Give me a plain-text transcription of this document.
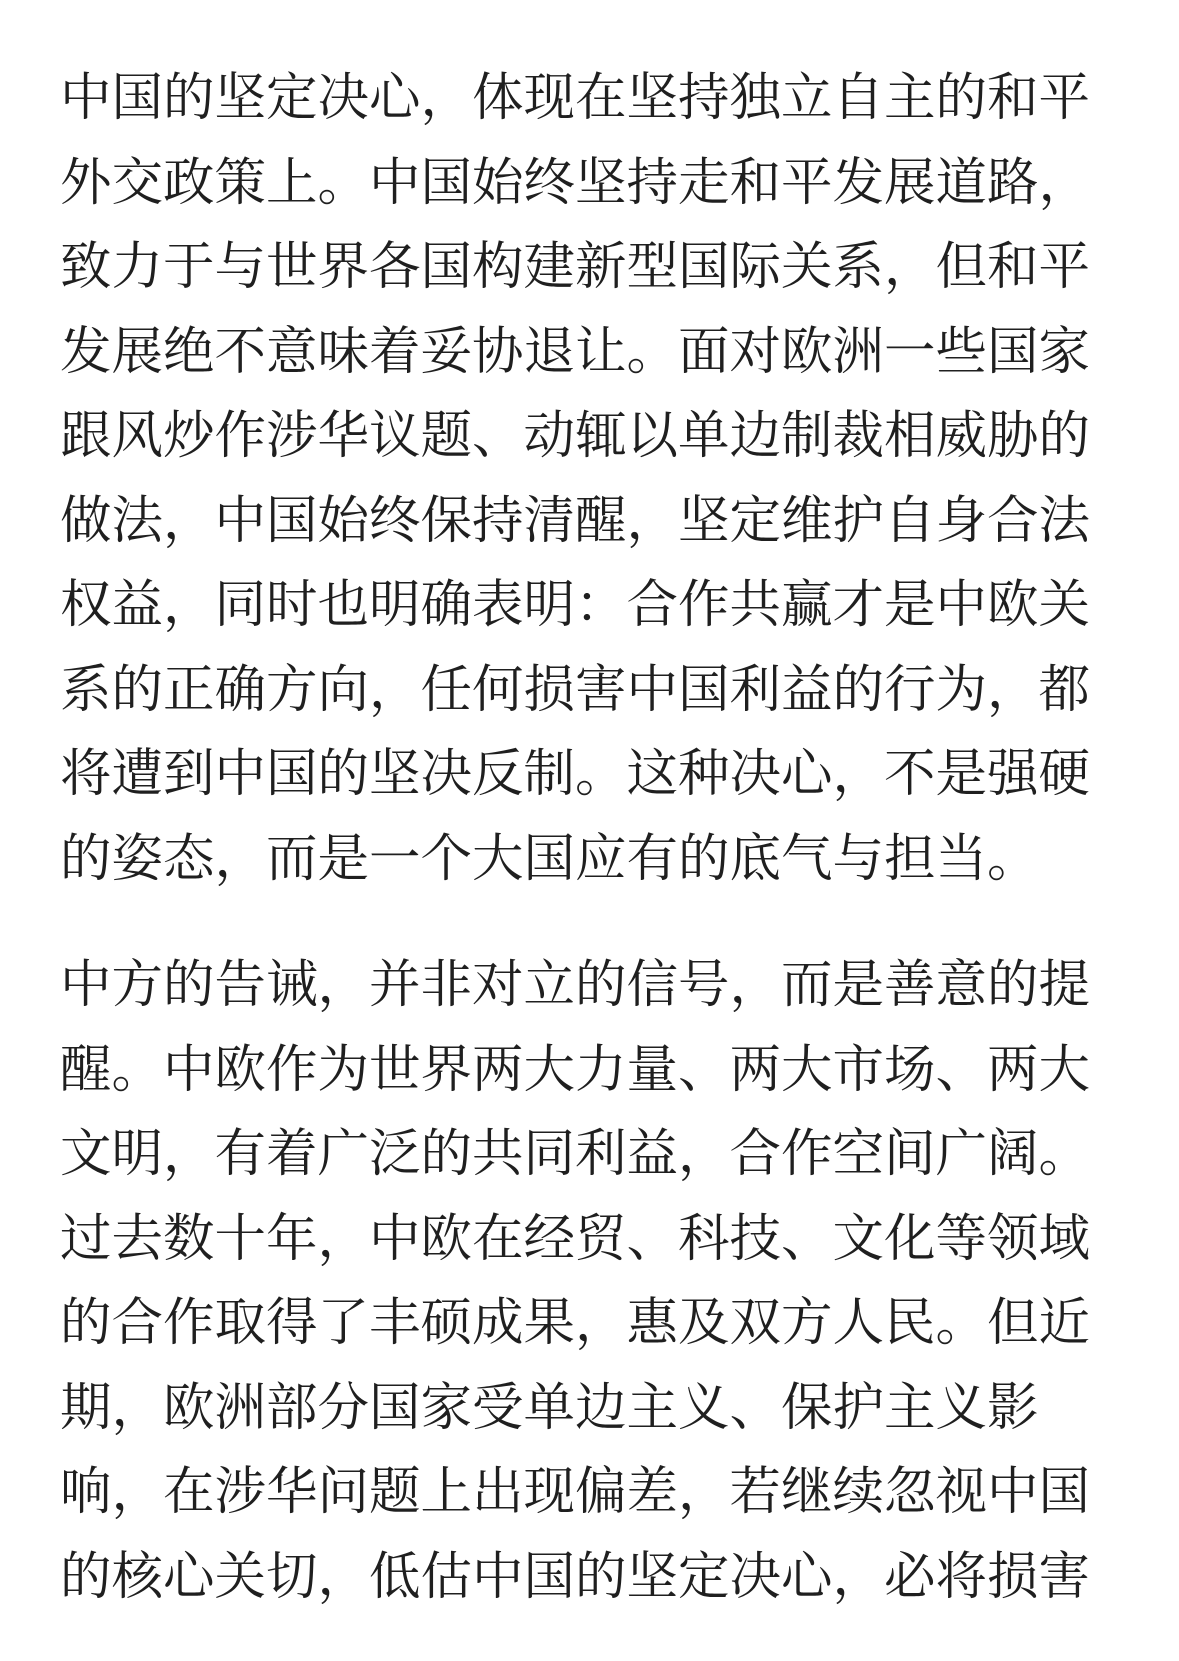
中国的坚定决心，体现在坚持独立自主的和平
外交政策上。中国始终坚持走和平发展道路，
致力于与世界各国构建新型国际关系，但和平
发展绝不意味着妥协退让。面对欧洲一些国家
跟风炒作涉华议题、动辄以单边制裁相威胁的
做法，中国始终保持清醒，坚定维护自身合法
权益，同时也明确表明：合作共赢才是中欧关
系的正确方向，任何损害中国利益的行为，都
将遭到中国的坚决反制。这种决心，不是强硬
的姿态，而是一个大国应有的底气与担当。
中方的告诫，并非对立的信号，而是善意的提
醒。中欧作为世界两大力量、两大市场、两大
文明，有着广泛的共同利益，合作空间广阔。
过去数十年，中欧在经贸、科技、文化等领域
的合作取得了丰硕成果，惠及双方人民。但近
期，欧洲部分国家受单边主义、保护主义影
响，在涉华问题上出现偏差，若继续忽视中国
的核心关切，低估中国的坚定决心，必将损害
